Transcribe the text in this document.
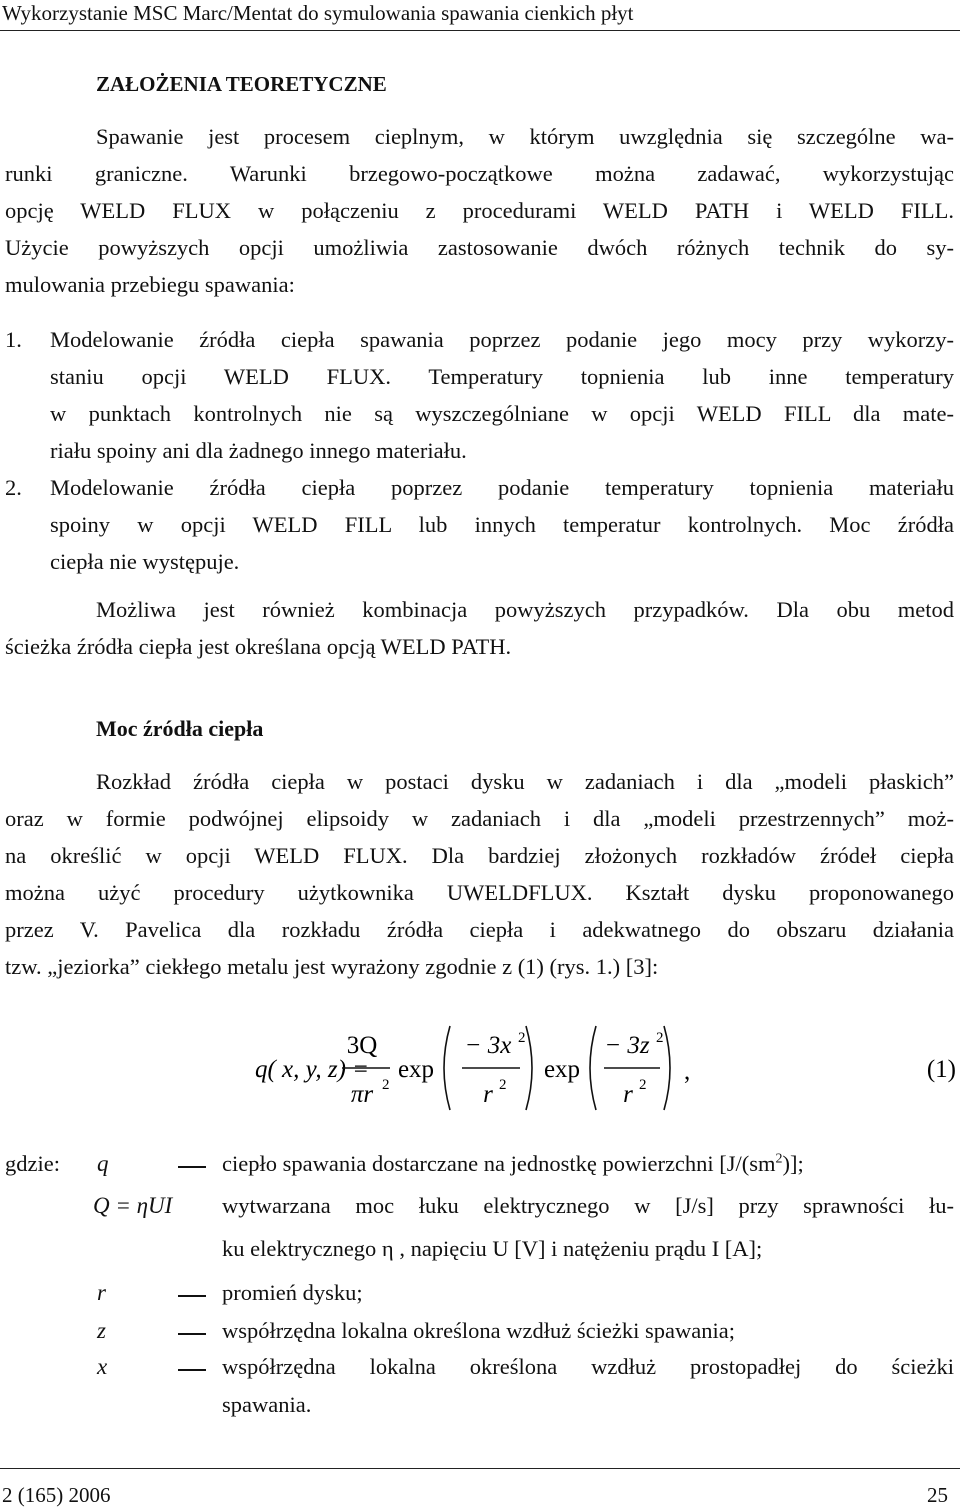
Wykorzystanie MSC Marc/Mentat do symulowania spawania cienkich płyt
ZAŁOŻENIA TEORETYCZNE
Spawanie jest procesem cieplnym, w którym uwzględnia się szczególne wa-
runki graniczne. Warunki brzegowo-początkowe można zadawać, wykorzystując
opcję WELD FLUX w połączeniu z procedurami WELD PATH i WELD FILL.
Użycie powyższych opcji umożliwia zastosowanie dwóch różnych technik do sy-
mulowania przebiegu spawania:
1. Modelowanie źródła ciepła spawania poprzez podanie jego mocy przy wykorzy-
staniu opcji WELD FLUX. Temperatury topnienia lub inne temperatury
w punktach kontrolnych nie są wyszczególniane w opcji WELD FILL dla mate-
riału spoiny ani dla żadnego innego materiału.
2. Modelowanie źródła ciepła poprzez podanie temperatury topnienia materiału
spoiny w opcji WELD FILL lub innych temperatur kontrolnych. Moc źródła
ciepła nie występuje.
Możliwa jest również kombinacja powyższych przypadków. Dla obu metod
ścieżka źródła ciepła jest określana opcją WELD PATH.
Moc źródła ciepła
Rozkład źródła ciepła w postaci dysku w zadaniach i dla „modeli płaskich”
oraz w formie podwójnej elipsoidy w zadaniach i dla „modeli przestrzennych” moż-
na określić w opcji WELD FLUX. Dla bardziej złożonych rozkładów źródeł ciepła
można użyć procedury użytkownika UWELDFLUX. Kształt dysku proponowanego
przez V. Pavelica dla rozkładu źródła ciepła i adekwatnego do obszaru działania
tzw. „jeziorka” ciekłego metalu jest wyrażony zgodnie z (1) (rys. 1.) [3]:
q( x, y, z) =
3Q
πr 2
exp
− 3x 2
r 2
exp
− 3z 2
r 2 ,	(1)
gdzie: q	ciepło spawania dostarczane na jednostkę powierzchni $[J/(sm^2)]$;
Q = ηUI wytwarzana moc łuku elektrycznego w [J/s] przy sprawności łu-
ku elektrycznego η , napięciu U [V] i natężeniu prądu I [A];
r	promień dysku;
z	współrzędna lokalna określona wzdłuż ścieżki spawania;
x	współrzędna lokalna określona wzdłuż prostopadłej do ścieżki
spawania.
2 (165) 2006	25
